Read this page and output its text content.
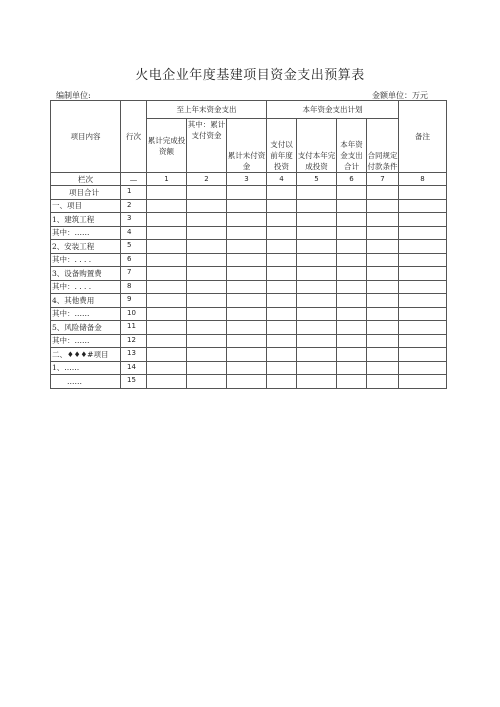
火电企业年度基建项目资金支出预算表
编制单位:	金额单位：万元
项目内容	行次	至上年末资金支出			本年资金支出计划				备注
		累计完成投资额	其中：累计支付资金	累计未付资金	支付以前年度投资	支付本年完成投资	本年资金支出合计	合同规定付款条件	
栏次	—	1	2	3	4	5	6	7	8
项目合计	1								
一、项目	2								
1、建筑工程	3								
其中：……	4								
2、安装工程	5								
其中：. . . .	6								
3、设备购置费	7								
其中：. . . .	8								
4、其他费用	9								
其中：……	10								
5、风险储备金	11								
其中：……	12								
二、♦♦♦#项目	13								
1、……	14								
……	15								
